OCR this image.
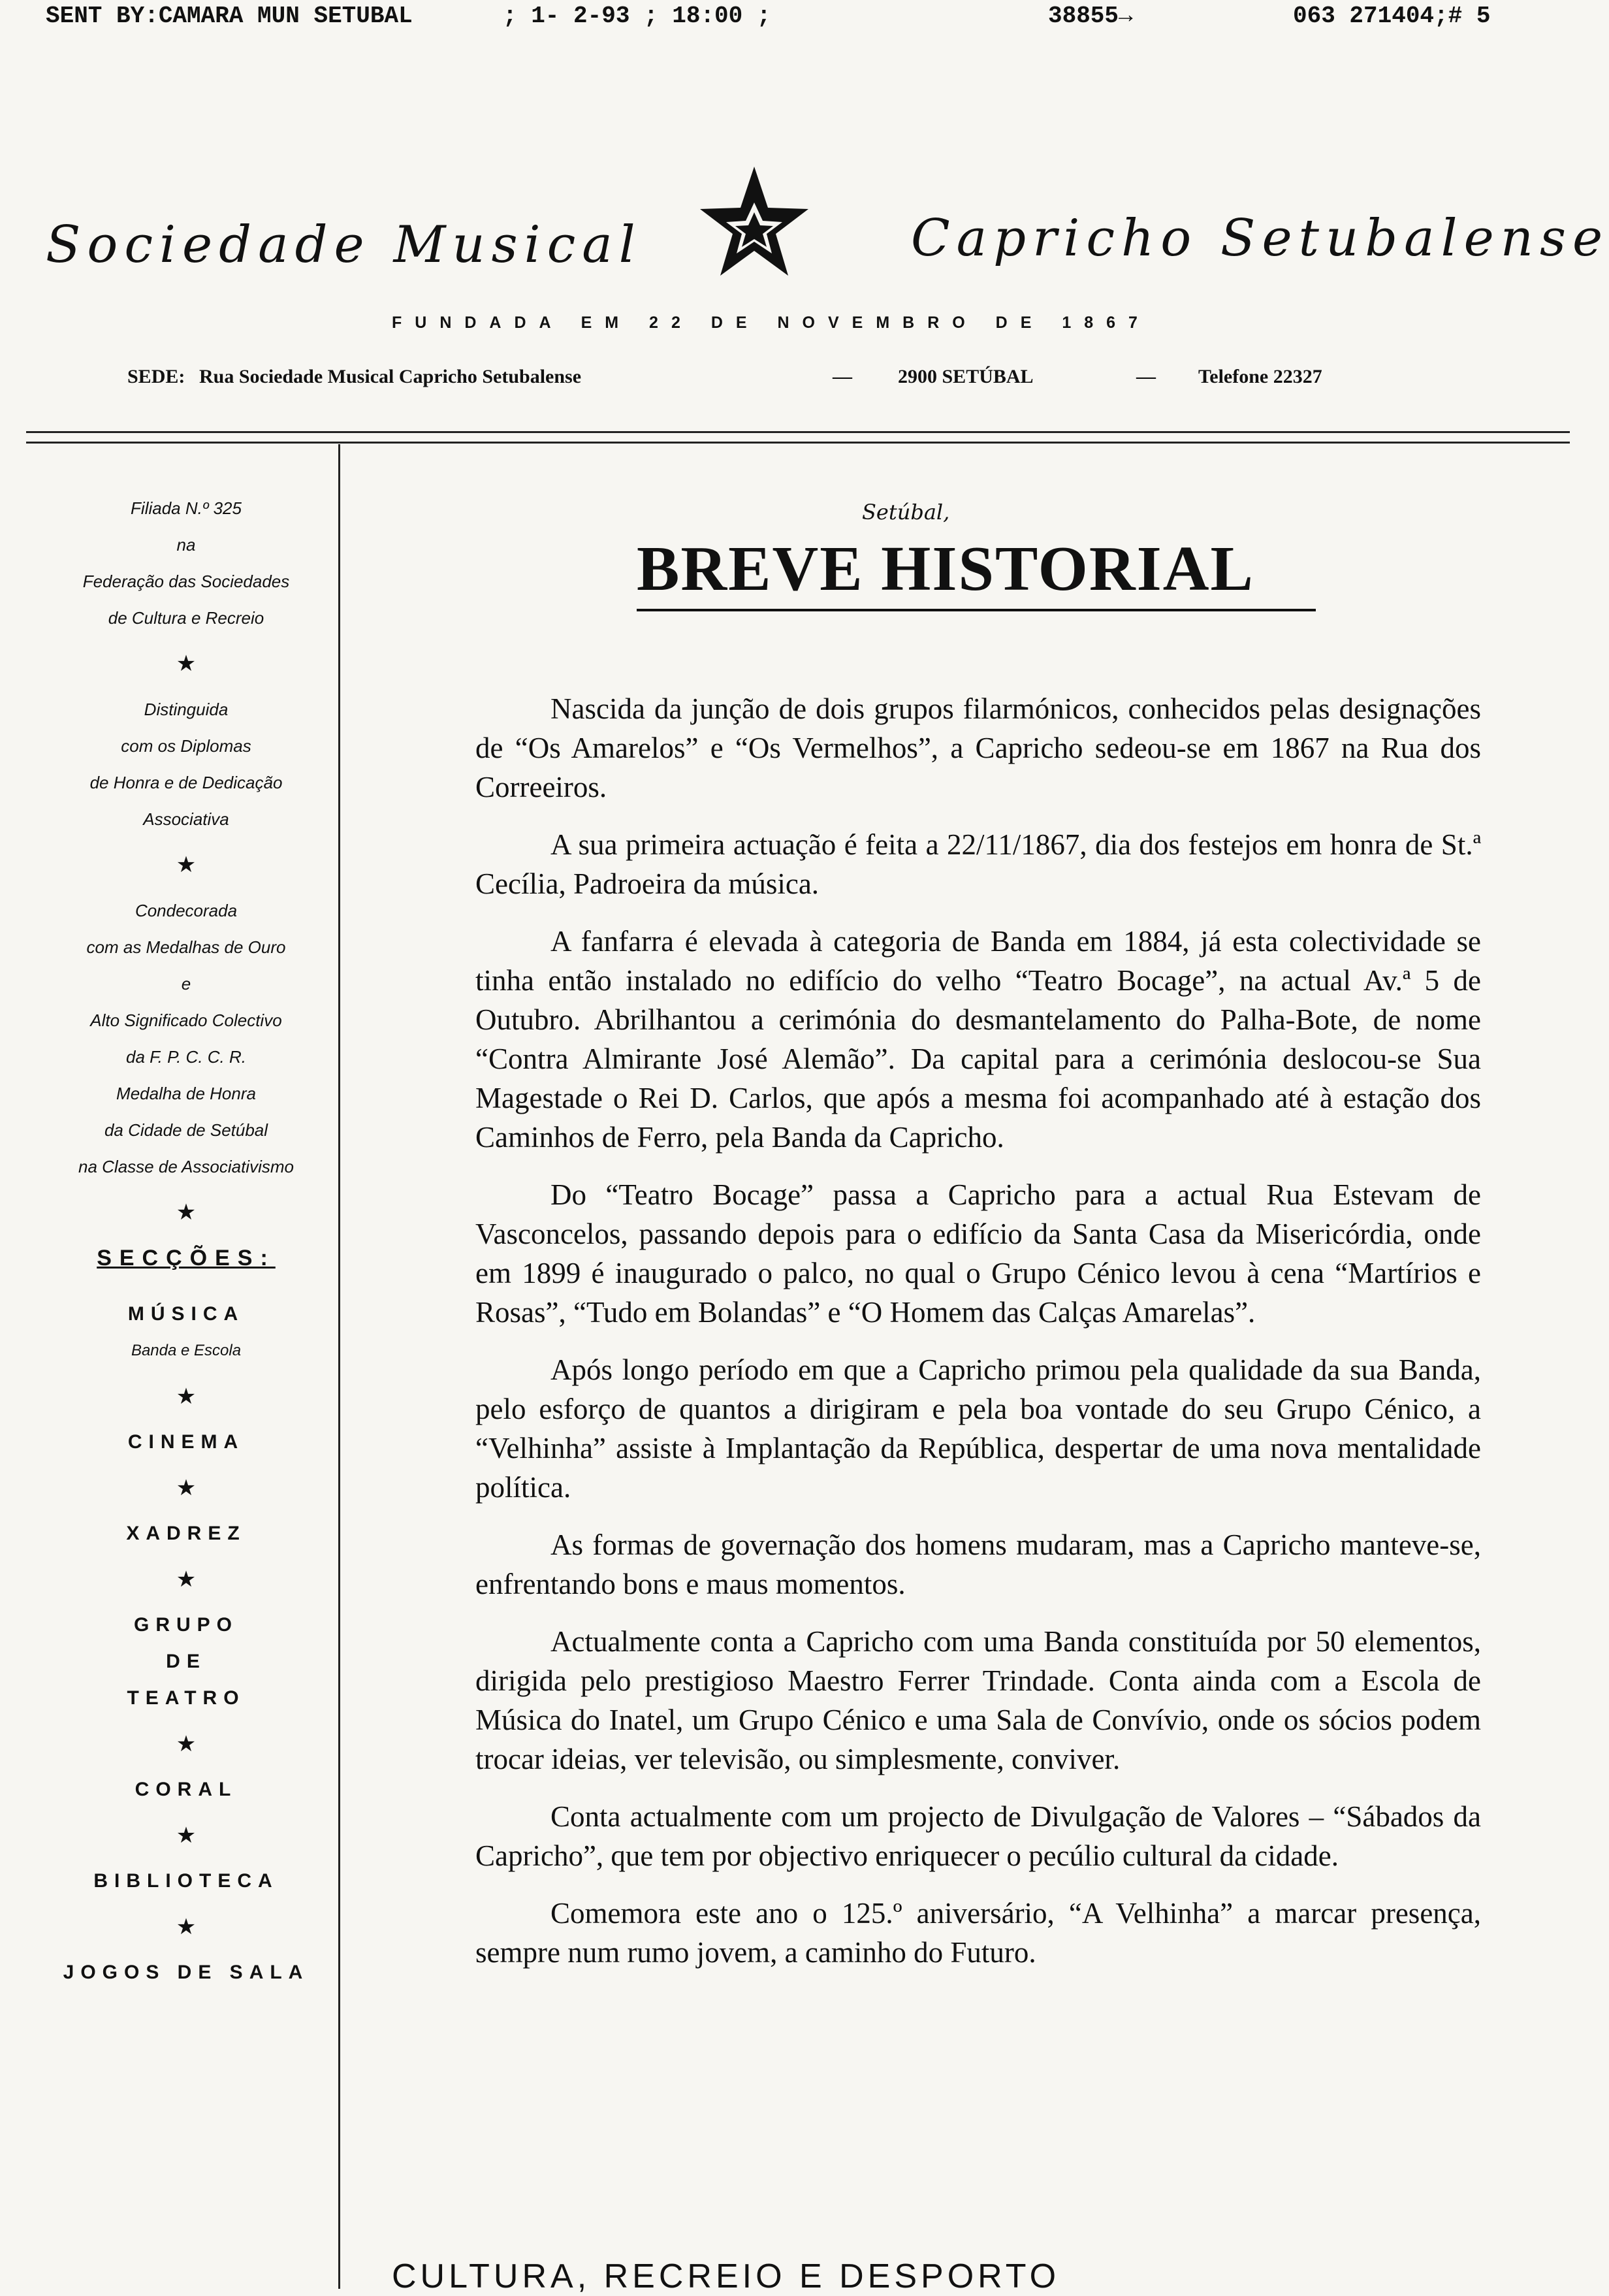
SENT BY:CAMARA MUN SETUBAL	; 1- 2-93 ; 18:00 ;	38855→	063 271404;# 5
Sociedade Musical	Capricho Setubalense
FUNDADA EM 22 DE NOVEMBRO DE 1867
SEDE: Rua Sociedade Musical Capricho Setubalense	— 2900 SETÚBAL	— Telefone 22327
Filiada N.º 325
na
Federação das Sociedades
de Cultura e Recreio
★
Distinguida
com os Diplomas
de Honra e de Dedicação
Associativa
★
Condecorada
com as Medalhas de Ouro
e
Alto Significado Colectivo
da F. P. C. C. R.
Medalha de Honra
da Cidade de Setúbal
na Classe de Associativismo
★
SECÇÕES:
MÚSICA
Banda e Escola
★
CINEMA
★
XADREZ
★
GRUPO
DE
TEATRO
★
CORAL
★
BIBLIOTECA
★
JOGOS DE SALA
Setúbal,
BREVE HISTORIAL

Nascida da junção de dois grupos filarmónicos, conhecidos pelas designações de “Os Amarelos” e “Os Vermelhos”, a Capricho sedeou-se em 1867 na Rua dos Correeiros.

A sua primeira actuação é feita a 22/11/1867, dia dos festejos em honra de St.ª Cecília, Padroeira da música.

A fanfarra é elevada à categoria de Banda em 1884, já esta colectividade se tinha então instalado no edifício do velho “Teatro Bocage”, na actual Av.ª 5 de Outubro. Abrilhantou a cerimónia do desmantelamento do Palha-Bote, de nome “Contra Almirante José Alemão”. Da capital para a cerimónia deslocou-se Sua Magestade o Rei D. Carlos, que após a mesma foi acompanhado até à estação dos Caminhos de Ferro, pela Banda da Capricho.

Do “Teatro Bocage” passa a Capricho para a actual Rua Estevam de Vasconcelos, passando depois para o edifício da Santa Casa da Misericórdia, onde em 1899 é inaugurado o palco, no qual o Grupo Cénico levou à cena “Martírios e Rosas”, “Tudo em Bolandas” e “O Homem das Calças Amarelas”.

Após longo período em que a Capricho primou pela qualidade da sua Banda, pelo esforço de quantos a dirigiram e pela boa vontade do seu Grupo Cénico, a “Velhinha” assiste à Implantação da República, despertar de uma nova mentalidade política.

As formas de governação dos homens mudaram, mas a Capricho manteve-se, enfrentando bons e maus momentos.

Actualmente conta a Capricho com uma Banda constituída por 50 elementos, dirigida pelo prestigioso Maestro Ferrer Trindade. Conta ainda com a Escola de Música do Inatel, um Grupo Cénico e uma Sala de Convívio, onde os sócios podem trocar ideias, ver televisão, ou simplesmente, conviver.

Conta actualmente com um projecto de Divulgação de Valores – “Sábados da Capricho”, que tem por objectivo enriquecer o pecúlio cultural da cidade.

Comemora este ano o 125.º aniversário, “A Velhinha” a marcar presença, sempre num rumo jovem, a caminho do Futuro.

CULTURA, RECREIO E DESPORTO
